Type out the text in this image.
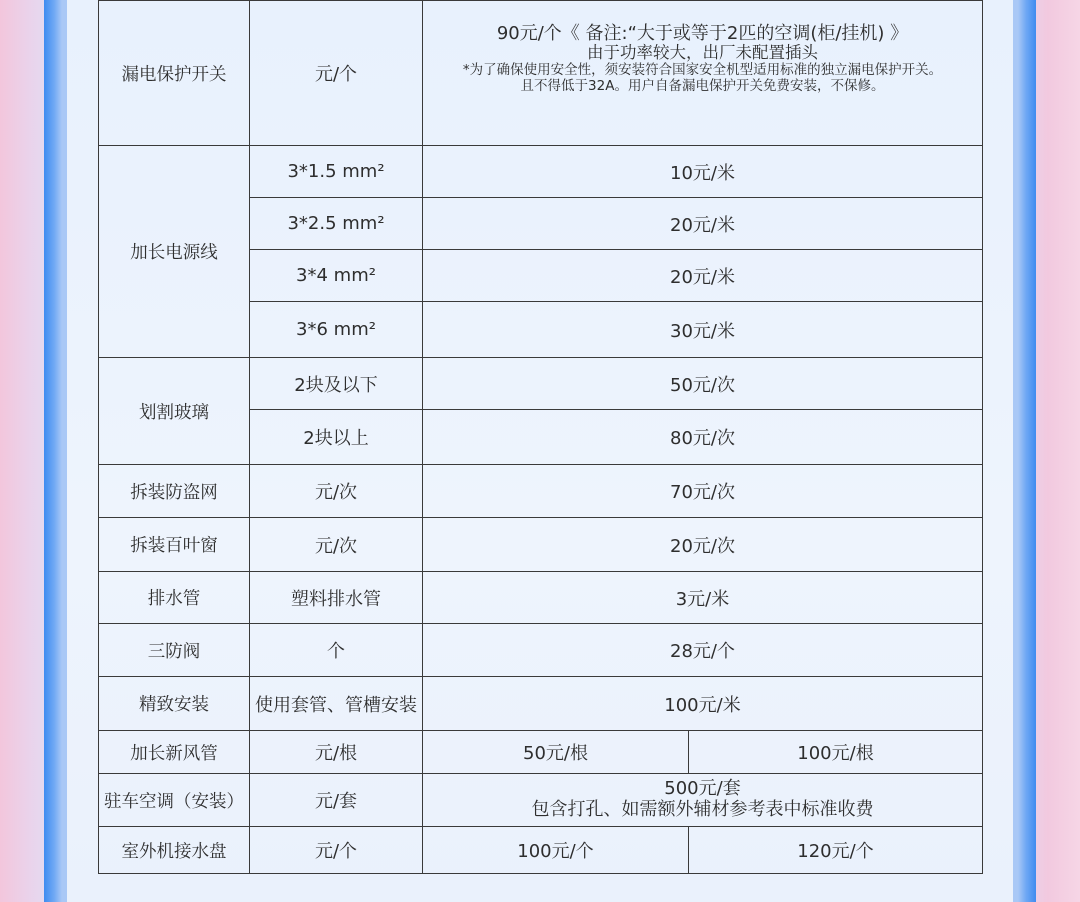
漏电保护开关	元/个	90元/个《 备注:“大于或等于2匹的空调(柜/挂机) 》
由于功率较大，出厂未配置插头
*为了确保使用安全性，须安装符合国家安全机型适用标准的独立漏电保护开关。
且不得低于32A。用户自备漏电保护开关免费安装，不保修。	

加长电源线	3*1.5 mm²	10元/米	
	3*2.5 mm²	20元/米	
	3*4 mm²	20元/米	
	3*6 mm²	30元/米	
划割玻璃	2块及以下	50元/次	
	2块以上	80元/次	
拆装防盗网	元/次	70元/次	
拆装百叶窗	元/次	20元/次	
排水管	塑料排水管	3元/米	
三防阀	个	28元/个	
精致安装	使用套管、管槽安装	100元/米	
加长新风管	元/根	50元/根	100元/根
驻车空调（安装）	元/套	500元/套
包含打孔、如需额外辅材参考表中标准收费	

室外机接水盘	元/个	100元/个	120元/个
